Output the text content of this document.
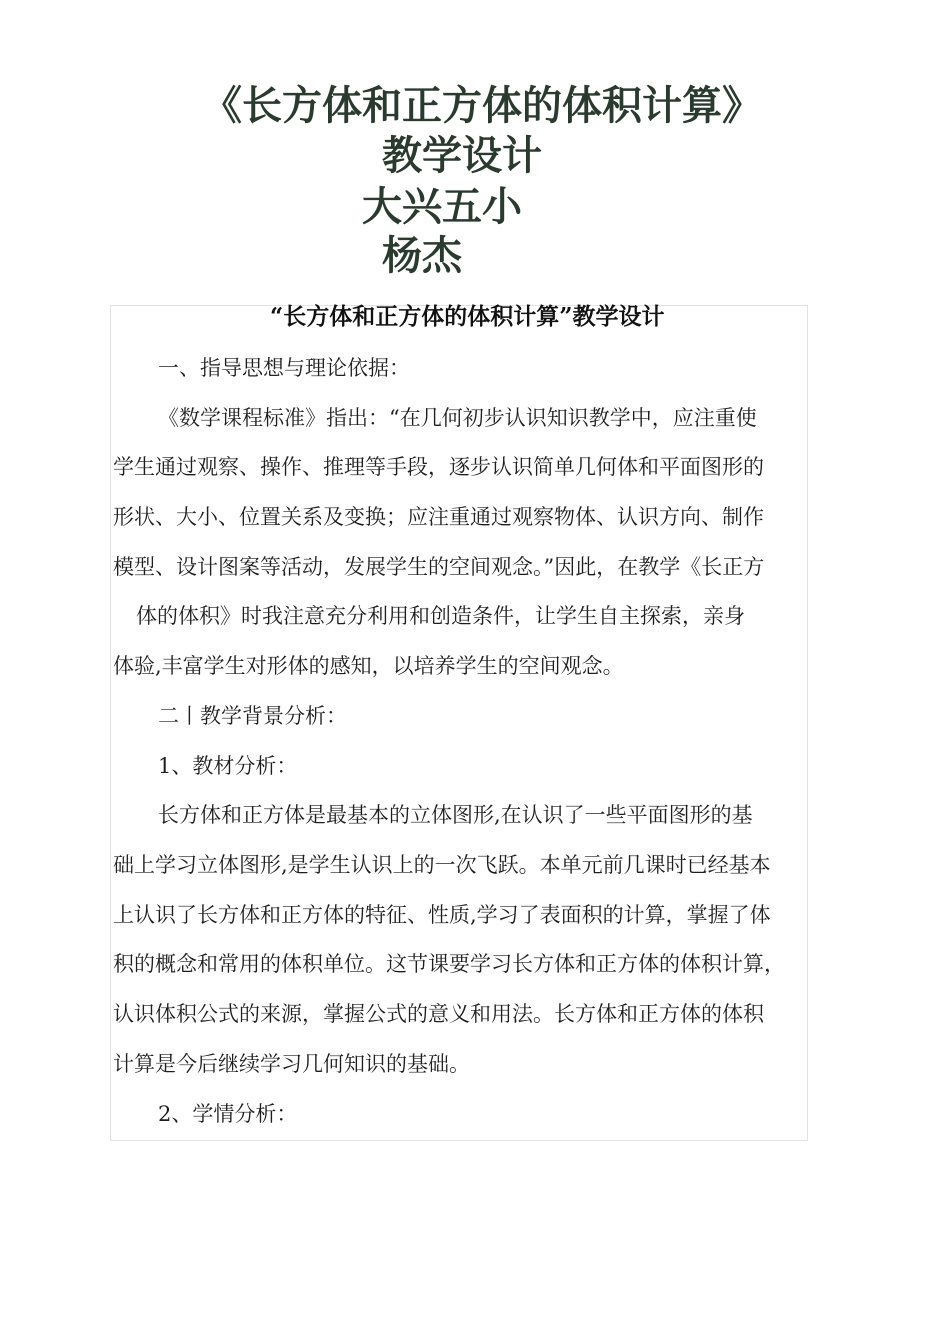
《长方体和正方体的体积计算》
教学设计
大兴五小
杨杰
“长方体和正方体的体积计算”教学设计
一、指导思想与理论依据：
《数学课程标准》指出：“在几何初步认识知识教学中，应注重使
学生通过观察、操作、推理等手段，逐步认识简单几何体和平面图形的
形状、大小、位置关系及变换；应注重通过观察物体、认识方向、制作
模型、设计图案等活动，发展学生的空间观念。”因此，在教学《长正方
体的体积》时我注意充分利用和创造条件，让学生自主探索，亲身
体验,丰富学生对形体的感知，以培养学生的空间观念。
二丨教学背景分析：
1、教材分析：
长方体和正方体是最基本的立体图形,在认识了一些平面图形的基
础上学习立体图形,是学生认识上的一次飞跃。本单元前几课时已经基本
上认识了长方体和正方体的特征、性质,学习了表面积的计算，掌握了体
积的概念和常用的体积单位。这节课要学习长方体和正方体的体积计算，
认识体积公式的来源，掌握公式的意义和用法。长方体和正方体的体积
计算是今后继续学习几何知识的基础。
2、学情分析：
